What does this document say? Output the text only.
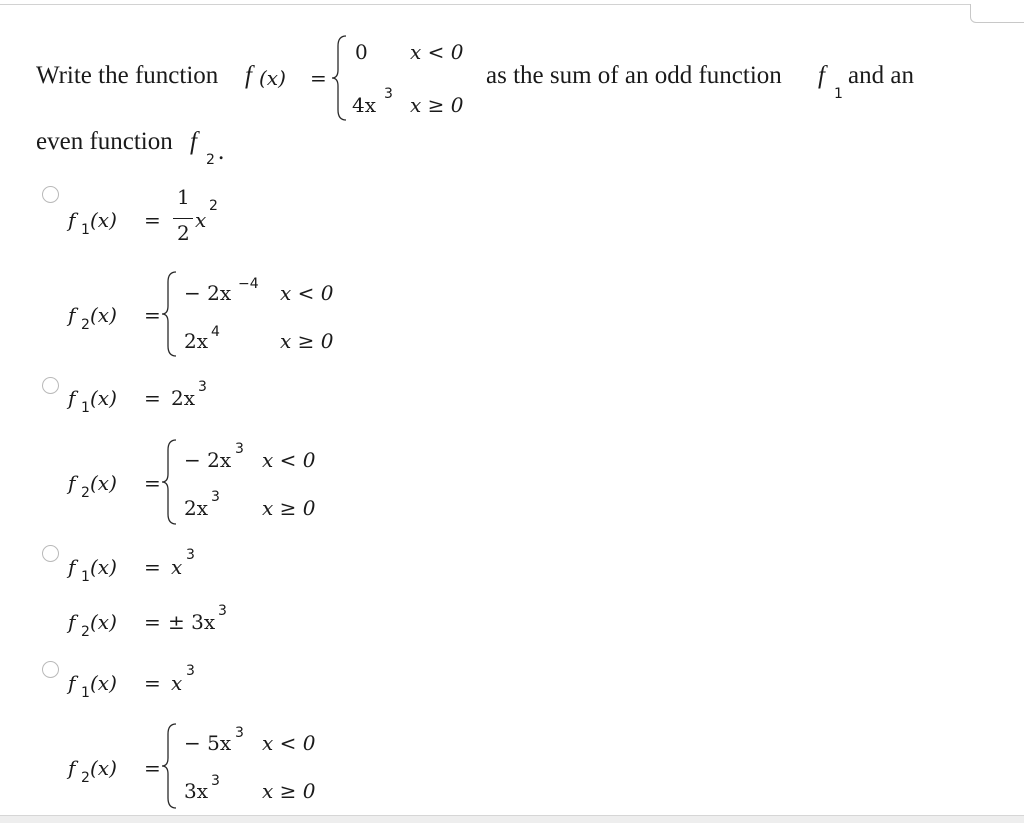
Write the function f (x) =
0 x < 0
4x 3 x ≥ 0
as the sum of an odd function f
1
and an
even function f
2 .
f 1 (x) =
1
2
x
2
f 2 (x) =
− 2x −4 x < 0
2x 4	x ≥ 0
f 1 (x) = 2x 3
f 2 (x) =
− 2x 3 x < 0
2x 3 x ≥ 0
f 1 (x) = x 3
f 2 (x) = ± 3x 3
f 1 (x) = x 3
f 2 (x) =
− 5x 3 x < 0
3x 3 x ≥ 0
